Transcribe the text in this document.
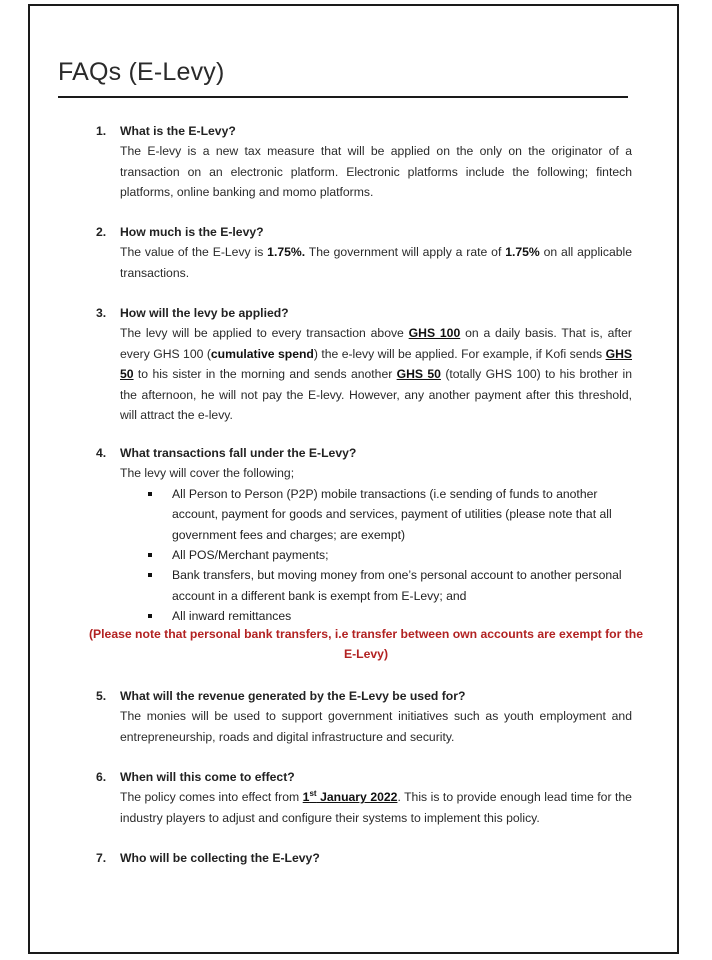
FAQs (E-Levy)
1. What is the E-Levy?
The E-levy is a new tax measure that will be applied on the only on the originator of a transaction on an electronic platform. Electronic platforms include the following; fintech platforms, online banking and momo platforms.
2. How much is the E-levy?
The value of the E-Levy is 1.75%. The government will apply a rate of 1.75% on all applicable transactions.
3. How will the levy be applied?
The levy will be applied to every transaction above GHS 100 on a daily basis. That is, after every GHS 100 (cumulative spend) the e-levy will be applied. For example, if Kofi sends GHS 50 to his sister in the morning and sends another GHS 50 (totally GHS 100) to his brother in the afternoon, he will not pay the E-levy. However, any another payment after this threshold, will attract the e-levy.
4. What transactions fall under the E-Levy?
The levy will cover the following;
All Person to Person (P2P) mobile transactions (i.e sending of funds to another account, payment for goods and services, payment of utilities (please note that all government fees and charges; are exempt)
All POS/Merchant payments;
Bank transfers, but moving money from one’s personal account to another personal account in a different bank is exempt from E-Levy; and
All inward remittances
(Please note that personal bank transfers, i.e transfer between own accounts are exempt for the E-Levy)
5. What will the revenue generated by the E-Levy be used for?
The monies will be used to support government initiatives such as youth employment and entrepreneurship, roads and digital infrastructure and security.
6. When will this come to effect?
The policy comes into effect from 1st January 2022. This is to provide enough lead time for the industry players to adjust and configure their systems to implement this policy.
7. Who will be collecting the E-Levy?
